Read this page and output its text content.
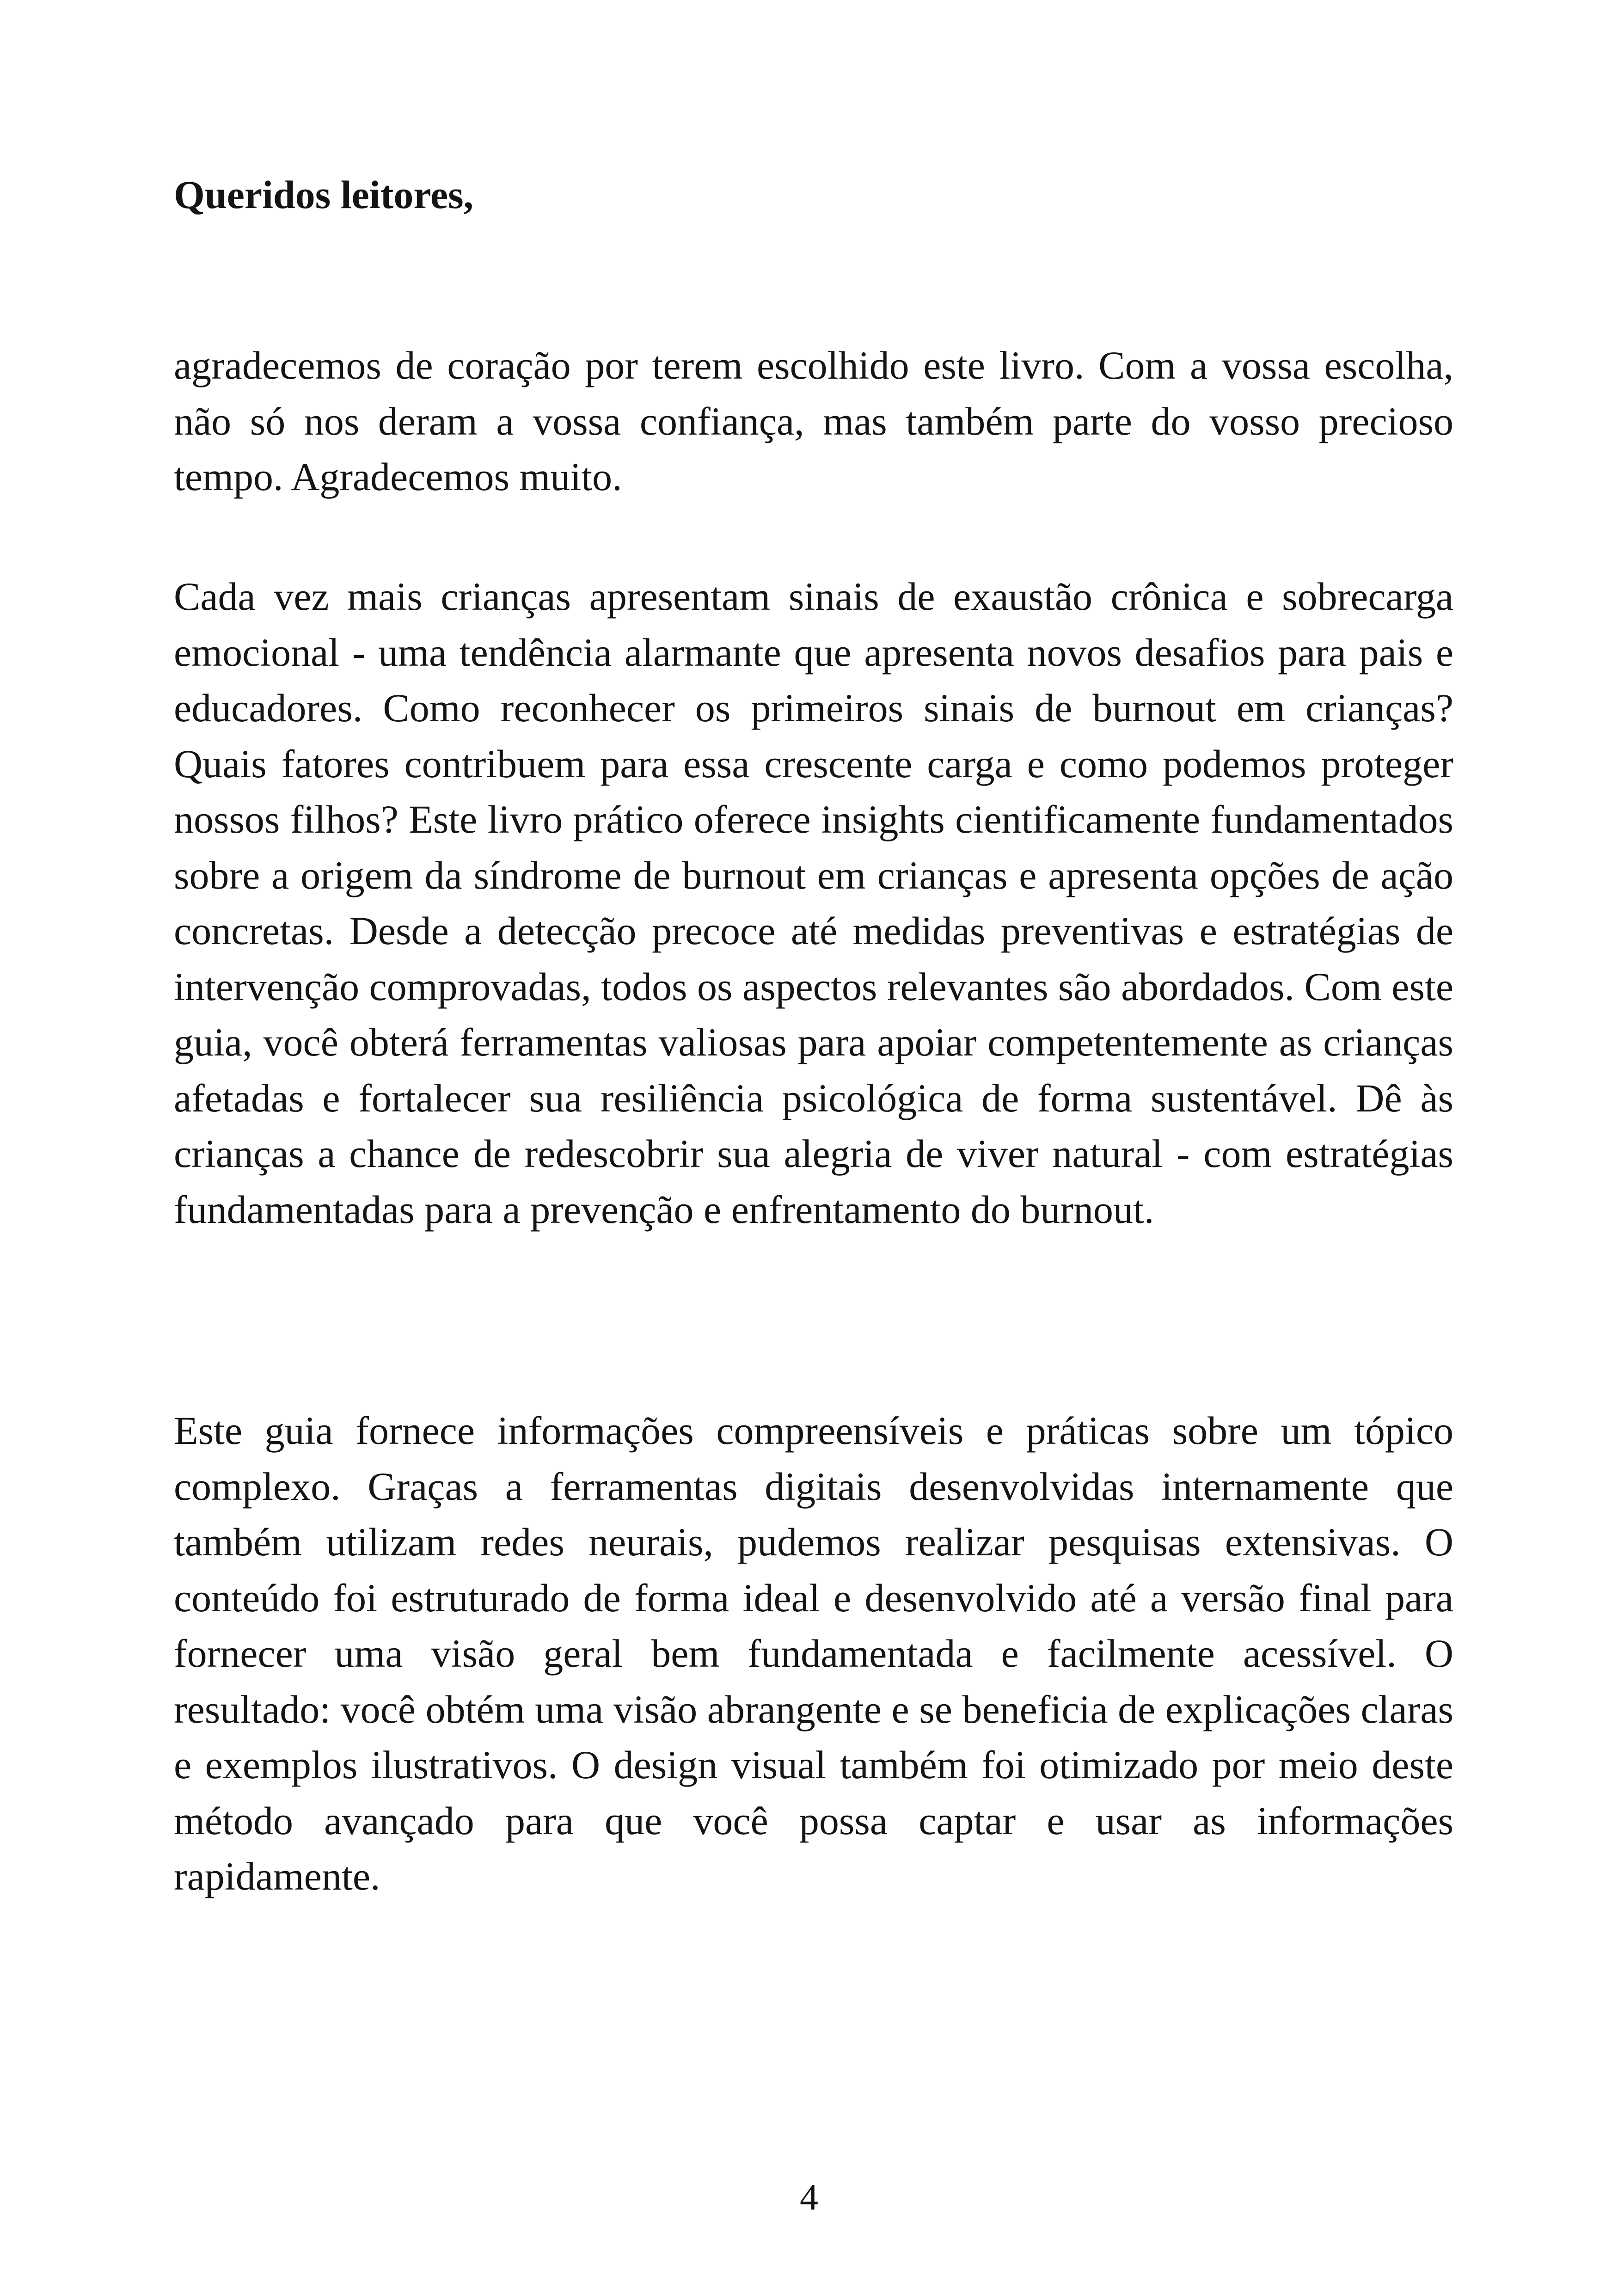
Queridos leitores,

agradecemos de coração por terem escolhido este livro. Com a vossa escolha, não só nos deram a vossa confiança, mas também parte do vosso precioso tempo. Agradecemos muito.

Cada vez mais crianças apresentam sinais de exaustão crônica e sobrecarga emocional - uma tendência alarmante que apresenta novos desafios para pais e educadores. Como reconhecer os primeiros sinais de burnout em crianças? Quais fatores contribuem para essa crescente carga e como podemos proteger nossos filhos? Este livro prático oferece insights cientificamente fundamentados sobre a origem da síndrome de burnout em crianças e apresenta opções de ação concretas. Desde a detecção precoce até medidas preventivas e estratégias de intervenção comprovadas, todos os aspectos relevantes são abordados. Com este guia, você obterá ferramentas valiosas para apoiar competentemente as crianças afetadas e fortalecer sua resiliência psicológica de forma sustentável. Dê às crianças a chance de redescobrir sua alegria de viver natural - com estratégias fundamentadas para a prevenção e enfrentamento do burnout.

Este guia fornece informações compreensíveis e práticas sobre um tópico complexo. Graças a ferramentas digitais desenvolvidas internamente que também utilizam redes neurais, pudemos realizar pesquisas extensivas. O conteúdo foi estruturado de forma ideal e desenvolvido até a versão final para fornecer uma visão geral bem fundamentada e facilmente acessível. O resultado: você obtém uma visão abrangente e se beneficia de explicações claras e exemplos ilustrativos. O design visual também foi otimizado por meio deste método avançado para que você possa captar e usar as informações rapidamente.

4
